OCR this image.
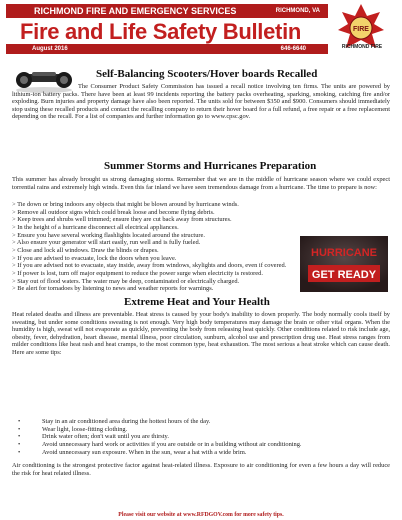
RICHMOND FIRE AND EMERGENCY SERVICES	RICHMOND, VA
Fire and Life Safety Bulletin
August 2016	646-6640
FIRE
RICHMOND FIRE
Self-Balancing Scooters/Hover boards Recalled

The Consumer Product Safety Commission has issued a recall notice involving ten firms. The units are powered by lithium-ion battery packs. There have been at least 99 incidents reporting the battery packs overheating, sparking, smoking, catching fire and/or exploding. Burn injuries and property damage have also been reported. The units sold for between $350 and $900. Consumers should immediately stop using these recalled products and contact the recalling company to return their hover board for a full refund, a free repair or a free replacement depending on the recall. For a list of companies and further information go to www.cpsc.gov.

Summer Storms and Hurricanes Preparation

This summer has already brought us strong damaging storms. Remember that we are in the middle of hurricane season where we could expect torrential rains and extremely high winds. Even this far inland we have seen tremendous damage from a hurricane. The time to prepare is now:

> Tie down or bring indoors any objects that might be blown around by hurricane winds.
> Remove all outdoor signs which could break loose and become flying debris.
> Keep trees and shrubs well trimmed; ensure they are cut back away from structures.
> In the height of a hurricane disconnect all electrical appliances.
> Ensure you have several working flashlights located around the structure.
> Also ensure your generator will start easily, run well and is fully fueled.
> Close and lock all windows. Draw the blinds or drapes.
> If you are advised to evacuate, lock the doors when you leave.
> If you are advised not to evacuate, stay inside, away from windows, skylights and doors, even if covered.
> If power is lost, turn off major equipment to reduce the power surge when electricity is restored.
> Stay out of flood waters. The water may be deep, contaminated or electrically charged.
> Be alert for tornadoes by listening to news and weather reports for warnings.
HURRICANE
GET READY
Extreme Heat and Your Health

Heat related deaths and illness are preventable. Heat stress is caused by your body's inability to down properly. The body normally cools itself by sweating, but under some conditions sweating is not enough. Very high body temperatures may damage the brain or other vital organs. When the humidity is high, sweat will not evaporate as quickly, preventing the body from releasing heat quickly. Other conditions related to risk include age, obesity, fever, dehydration, heart disease, mental illness, poor circulation, sunburn, alcohol use and prescription drug use. Heat stress ranges from milder conditions like heat rash and heat cramps, to the most common type, heat exhaustion. The most serious a heat stroke which can cause death. Here are some tips:

•	Stay in an air conditioned area during the hottest hours of the day.
•	Wear light, loose-fitting clothing.
•	Drink water often; don't wait until you are thirsty.
•	Avoid unnecessary hard work or activities if you are outside or in a building without air conditioning.
•	Avoid unnecessary sun exposure. When in the sun, wear a hat with a wide brim.

Air conditioning is the strongest protective factor against heat-related illness. Exposure to air conditioning for even a few hours a day will reduce the risk for heat related illness.

Please visit our website at www.RFDGOV.com for more safety tips.
